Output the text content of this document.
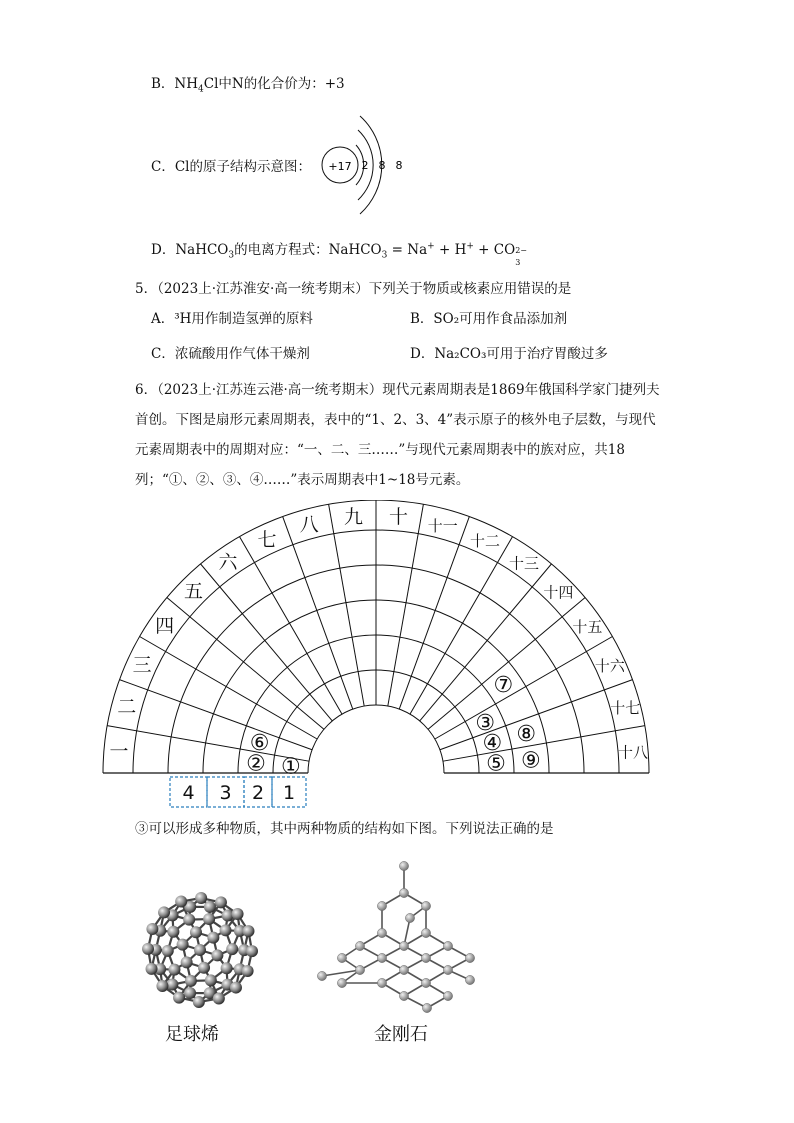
B．$NH_4Cl$中N的化合价为：+3
C．Cl的原子结构示意图： +17 2 8 8
D．NaHCO$_3$的电离方程式：NaHCO$_3$ = Na+ + H+ + CO 2−
3
5．（2023上·江苏淮安·高一统考期末）下列关于物质或核素应用错误的是
A．³H用作制造氢弹的原料	B．SO₂可用作食品添加剂
C．浓硫酸用作气体干燥剂	D．Na₂CO₃可用于治疗胃酸过多
6．（2023上·江苏连云港·高一统考期末）现代元素周期表是1869年俄国科学家门捷列夫首创。下图是扇形元素周期表，表中的“1、2、3、4”表示原子的核外电子层数，与现代元素周期表中的周期对应：“一、二、三……”与现代元素周期表中的族对应，共18列；“①、②、③、④……”表示周期表中1~18号元素。
一
二
三
四
五
六
七
八 九 十 十一
十二
十三
十四
十五
十六
十七
十八
①
②
⑥
⑦
③
④
⑤
⑧
⑨
4 3 2 1
③可以形成多种物质，其中两种物质的结构如下图。下列说法正确的是
足球烯	金刚石
